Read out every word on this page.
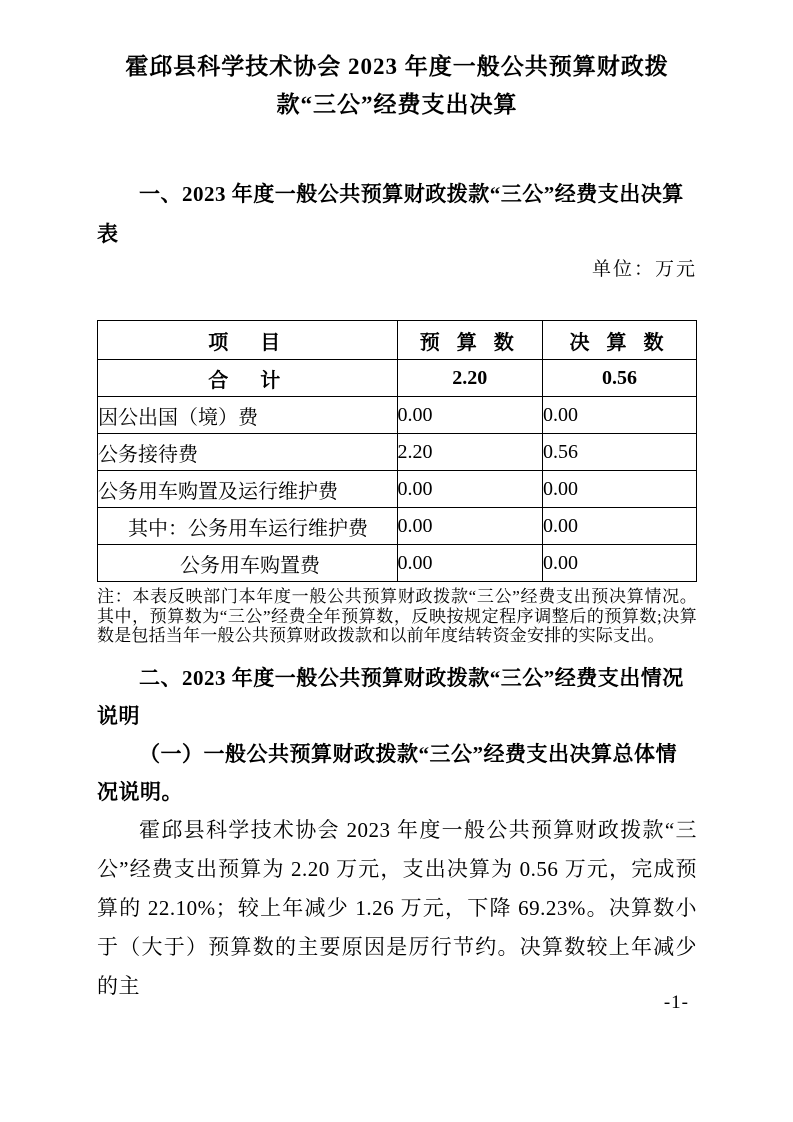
霍邱县科学技术协会 2023 年度一般公共预算财政拨款“三公”经费支出决算
一、2023 年度一般公共预算财政拨款“三公”经费支出决算表
单位：万元
项　目	预 算 数	决 算 数
合　计	2.20	0.56
因公出国（境）费	0.00	0.00
公务接待费	2.20	0.56
公务用车购置及运行维护费	0.00	0.00
其中：公务用车运行维护费	0.00	0.00
公务用车购置费	0.00	0.00
注：本表反映部门本年度一般公共预算财政拨款“三公”经费支出预决算情况。其中，预算数为“三公”经费全年预算数，反映按规定程序调整后的预算数;决算数是包括当年一般公共预算财政拨款和以前年度结转资金安排的实际支出。
二、2023 年度一般公共预算财政拨款“三公”经费支出情况说明
（一）一般公共预算财政拨款“三公”经费支出决算总体情况说明。
霍邱县科学技术协会 2023 年度一般公共预算财政拨款“三公”经费支出预算为 2.20 万元，支出决算为 0.56 万元，完成预算的 22.10%；较上年减少 1.26 万元，下降 69.23%。决算数小于（大于）预算数的主要原因是厉行节约。决算数较上年减少的主
-1-
